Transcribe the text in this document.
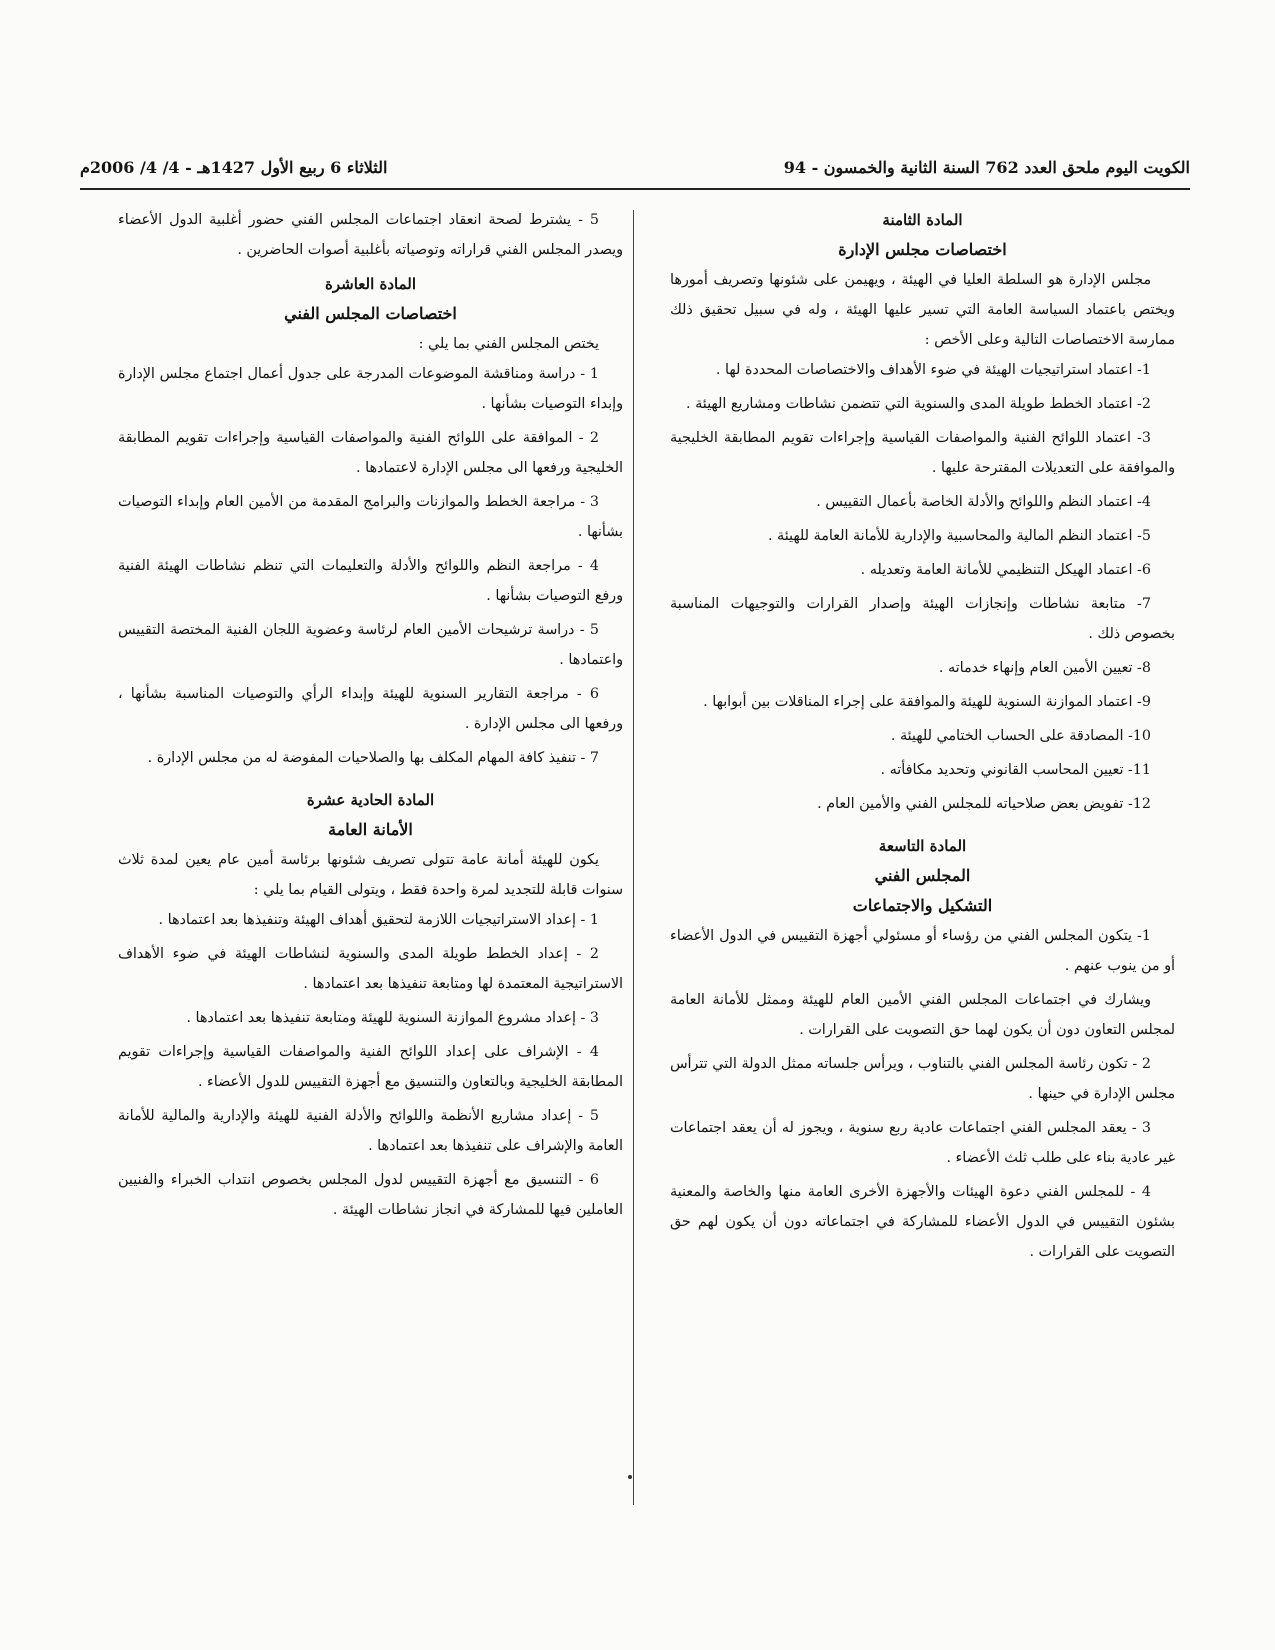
الكويت اليوم ملحق العدد 762 السنة الثانية والخمسون - 94
الثلاثاء 6 ربيع الأول 1427هـ - 4/ 4/ 2006م

المادة الثامنة

اختصاصات مجلس الإدارة

مجلس الإدارة هو السلطة العليا في الهيئة ، ويهيمن على شئونها وتصريف أمورها ويختص باعتماد السياسة العامة التي تسير عليها الهيئة ، وله في سبيل تحقيق ذلك ممارسة الاختصاصات التالية وعلى الأخص :

1- اعتماد استراتيجيات الهيئة في ضوء الأهداف والاختصاصات المحددة لها .

2- اعتماد الخطط طويلة المدى والسنوية التي تتضمن نشاطات ومشاريع الهيئة .

3- اعتماد اللوائح الفنية والمواصفات القياسية وإجراءات تقويم المطابقة الخليجية والموافقة على التعديلات المقترحة عليها .

4- اعتماد النظم واللوائح والأدلة الخاصة بأعمال التقييس .

5- اعتماد النظم المالية والمحاسبية والإدارية للأمانة العامة للهيئة .

6- اعتماد الهيكل التنظيمي للأمانة العامة وتعديله .

7- متابعة نشاطات وإنجازات الهيئة وإصدار القرارات والتوجيهات المناسبة بخصوص ذلك .

8- تعيين الأمين العام وإنهاء خدماته .

9- اعتماد الموازنة السنوية للهيئة والموافقة على إجراء المناقلات بين أبوابها .

10- المصادقة على الحساب الختامي للهيئة .

11- تعيين المحاسب القانوني وتحديد مكافأته .

12- تفويض بعض صلاحياته للمجلس الفني والأمين العام .

المادة التاسعة

المجلس الفني

التشكيل والاجتماعات

1- يتكون المجلس الفني من رؤساء أو مسئولي أجهزة التقييس في الدول الأعضاء أو من ينوب عنهم .

ويشارك في اجتماعات المجلس الفني الأمين العام للهيئة وممثل للأمانة العامة لمجلس التعاون دون أن يكون لهما حق التصويت على القرارات .

2 - تكون رئاسة المجلس الفني بالتناوب ، ويرأس جلساته ممثل الدولة التي تترأس مجلس الإدارة في حينها .

3 - يعقد المجلس الفني اجتماعات عادية ربع سنوية ، ويجوز له أن يعقد اجتماعات غير عادية بناء على طلب ثلث الأعضاء .

4 - للمجلس الفني دعوة الهيئات والأجهزة الأخرى العامة منها والخاصة والمعنية بشئون التقييس في الدول الأعضاء للمشاركة في اجتماعاته دون أن يكون لهم حق التصويت على القرارات .

5 - يشترط لصحة انعقاد اجتماعات المجلس الفني حضور أغلبية الدول الأعضاء ويصدر المجلس الفني قراراته وتوصياته بأغلبية أصوات الحاضرين .

المادة العاشرة

اختصاصات المجلس الفني

يختص المجلس الفني بما يلي :

1 - دراسة ومناقشة الموضوعات المدرجة على جدول أعمال اجتماع مجلس الإدارة وإبداء التوصيات بشأنها .

2 - الموافقة على اللوائح الفنية والمواصفات القياسية وإجراءات تقويم المطابقة الخليجية ورفعها الى مجلس الإدارة لاعتمادها .

3 - مراجعة الخطط والموازنات والبرامج المقدمة من الأمين العام وإبداء التوصيات بشأنها .

4 - مراجعة النظم واللوائح والأدلة والتعليمات التي تنظم نشاطات الهيئة الفنية ورفع التوصيات بشأنها .

5 - دراسة ترشيحات الأمين العام لرئاسة وعضوية اللجان الفنية المختصة التقييس واعتمادها .

6 - مراجعة التقارير السنوية للهيئة وإبداء الرأي والتوصيات المناسبة بشأنها ، ورفعها الى مجلس الإدارة .

7 - تنفيذ كافة المهام المكلف بها والصلاحيات المفوضة له من مجلس الإدارة .

المادة الحادية عشرة

الأمانة العامة

يكون للهيئة أمانة عامة تتولى تصريف شئونها برئاسة أمين عام يعين لمدة ثلاث سنوات قابلة للتجديد لمرة واحدة فقط ، ويتولى القيام بما يلي :

1 - إعداد الاستراتيجيات اللازمة لتحقيق أهداف الهيئة وتنفيذها بعد اعتمادها .

2 - إعداد الخطط طويلة المدى والسنوية لنشاطات الهيئة في ضوء الأهداف الاستراتيجية المعتمدة لها ومتابعة تنفيذها بعد اعتمادها .

3 - إعداد مشروع الموازنة السنوية للهيئة ومتابعة تنفيذها بعد اعتمادها .

4 - الإشراف على إعداد اللوائح الفنية والمواصفات القياسية وإجراءات تقويم المطابقة الخليجية وبالتعاون والتنسيق مع أجهزة التقييس للدول الأعضاء .

5 - إعداد مشاريع الأنظمة واللوائح والأدلة الفنية للهيئة والإدارية والمالية للأمانة العامة والإشراف على تنفيذها بعد اعتمادها .

6 - التنسيق مع أجهزة التقييس لدول المجلس بخصوص انتداب الخبراء والفنيين العاملين فيها للمشاركة في انجاز نشاطات الهيئة .
